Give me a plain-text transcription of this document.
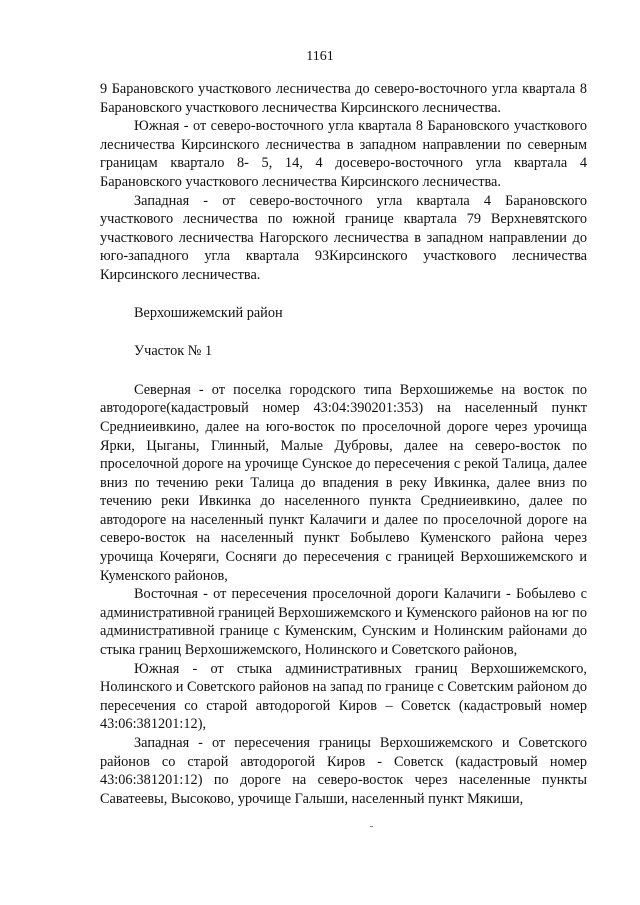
1161

9 Барановского участкового лесничества до северо-восточного угла квартала 8 Барановского участкового лесничества Кирсинского лесничества.

Южная - от северо-восточного угла квартала 8 Барановского участкового лесничества Кирсинского лесничества в западном направлении по северным границам квартало 8- 5, 14, 4 досеверо-восточного угла квартала 4 Барановского участкового лесничества Кирсинского лесничества.

Западная - от северо-восточного угла квартала 4 Барановского участкового лесничества по южной границе квартала 79 Верхневятского участкового лесничества Нагорского лесничества в западном направлении до юго-западного угла квартала 93Кирсинского участкового лесничества Кирсинского лесничества.

Верхошижемский район

Участок № 1

Северная - от поселка городского типа Верхошижемье на восток по автодороге(кадастровый номер 43:04:390201:353) на населенный пункт Средниеивкино, далее на юго-восток по проселочной дороге через урочища Ярки, Цыганы, Глинный, Малые Дубровы, далее на северо-восток по проселочной дороге на урочище Сунское до пересечения с рекой Талица, далее вниз по течению реки Талица до впадения в реку Ивкинка, далее вниз по течению реки Ивкинка до населенного пункта Средниеивкино, далее по автодороге на населенный пункт Калачиги и далее по проселочной дороге на северо-восток на населенный пункт Бобылево Куменского района через урочища Кочеряги, Сосняги до пересечения с границей Верхошижемского и Куменского районов,

Восточная - от пересечения проселочной дороги Калачиги - Бобылево с административной границей Верхошижемского и Куменского районов на юг по административной границе с Куменским, Сунским и Нолинским районами до стыка границ Верхошижемского, Нолинского и Советского районов,

Южная - от стыка административных границ Верхошижемского, Нолинского и Советского районов на запад по границе с Советским районом до пересечения со старой автодорогой Киров – Советск (кадастровый номер 43:06:381201:12),

Западная - от пересечения границы Верхошижемского и Советского районов со старой автодорогой Киров - Советск (кадастровый номер 43:06:381201:12) по дороге на северо-восток через населенные пункты Саватеевы, Высоково, урочище Галыши, населенный пункт Мякиши,
